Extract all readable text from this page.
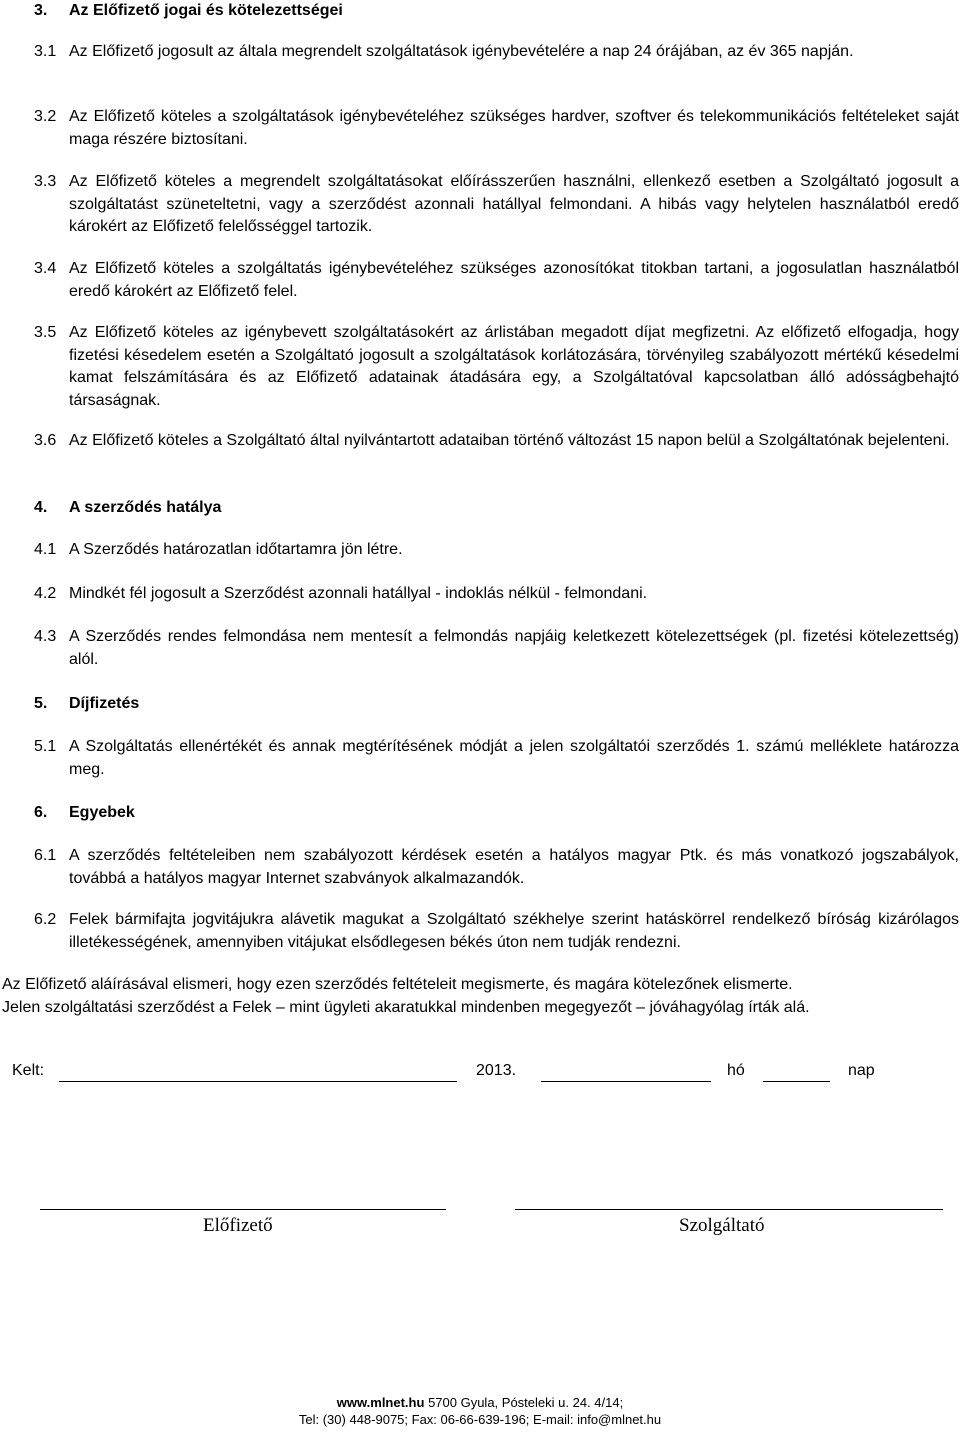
3. Az Előfizető jogai és kötelezettségei
3.1 Az Előfizető jogosult az általa megrendelt szolgáltatások igénybevételére a nap 24 órájában, az év 365 napján.
3.2 Az Előfizető köteles a szolgáltatások igénybevételéhez szükséges hardver, szoftver és telekommunikációs feltételeket saját maga részére biztosítani.
3.3 Az Előfizető köteles a megrendelt szolgáltatásokat előírásszerűen használni, ellenkező esetben a Szolgáltató jogosult a szolgáltatást szüneteltetni, vagy a szerződést azonnali hatállyal felmondani. A hibás vagy helytelen használatból eredő károkért az Előfizető felelősséggel tartozik.
3.4 Az Előfizető köteles a szolgáltatás igénybevételéhez szükséges azonosítókat titokban tartani, a jogosulatlan használatból eredő károkért az Előfizető felel.
3.5 Az Előfizető köteles az igénybevett szolgáltatásokért az árlistában megadott díjat megfizetni. Az előfizető elfogadja, hogy fizetési késedelem esetén a Szolgáltató jogosult a szolgáltatások korlátozására, törvényileg szabályozott mértékű késedelmi kamat felszámítására és az Előfizető adatainak átadására egy, a Szolgáltatóval kapcsolatban álló adósságbehajtó társaságnak.
3.6 Az Előfizető köteles a Szolgáltató által nyilvántartott adataiban történő változást 15 napon belül a Szolgáltatónak bejelenteni.
4. A szerződés hatálya
4.1 A Szerződés határozatlan időtartamra jön létre.
4.2 Mindkét fél jogosult a Szerződést azonnali hatállyal - indoklás nélkül - felmondani.
4.3 A Szerződés rendes felmondása nem mentesít a felmondás napjáig keletkezett kötelezettségek (pl. fizetési kötelezettség) alól.
5. Díjfizetés
5.1 A Szolgáltatás ellenértékét és annak megtérítésének módját a jelen szolgáltatói szerződés 1. számú melléklete határozza meg.
6. Egyebek
6.1 A szerződés feltételeiben nem szabályozott kérdések esetén a hatályos magyar Ptk. és más vonatkozó jogszabályok, továbbá a hatályos magyar Internet szabványok alkalmazandók.
6.2 Felek bármifajta jogvitájukra alávetik magukat a Szolgáltató székhelye szerint hatáskörrel rendelkező bíróság kizárólagos illetékességének, amennyiben vitájukat elsődlegesen békés úton nem tudják rendezni.
Az Előfizető aláírásával elismeri, hogy ezen szerződés feltételeit megismerte, és magára kötelezőnek elismerte.
Jelen szolgáltatási szerződést a Felek – mint ügyleti akaratukkal mindenben megegyezőt – jóváhagyólag írták alá.
Kelt:	2013.	hó	nap
Előfizető	Szolgáltató
www.mlnet.hu 5700 Gyula, Pósteleki u. 24. 4/14;
Tel: (30) 448-9075; Fax: 06-66-639-196; E-mail: info@mlnet.hu
